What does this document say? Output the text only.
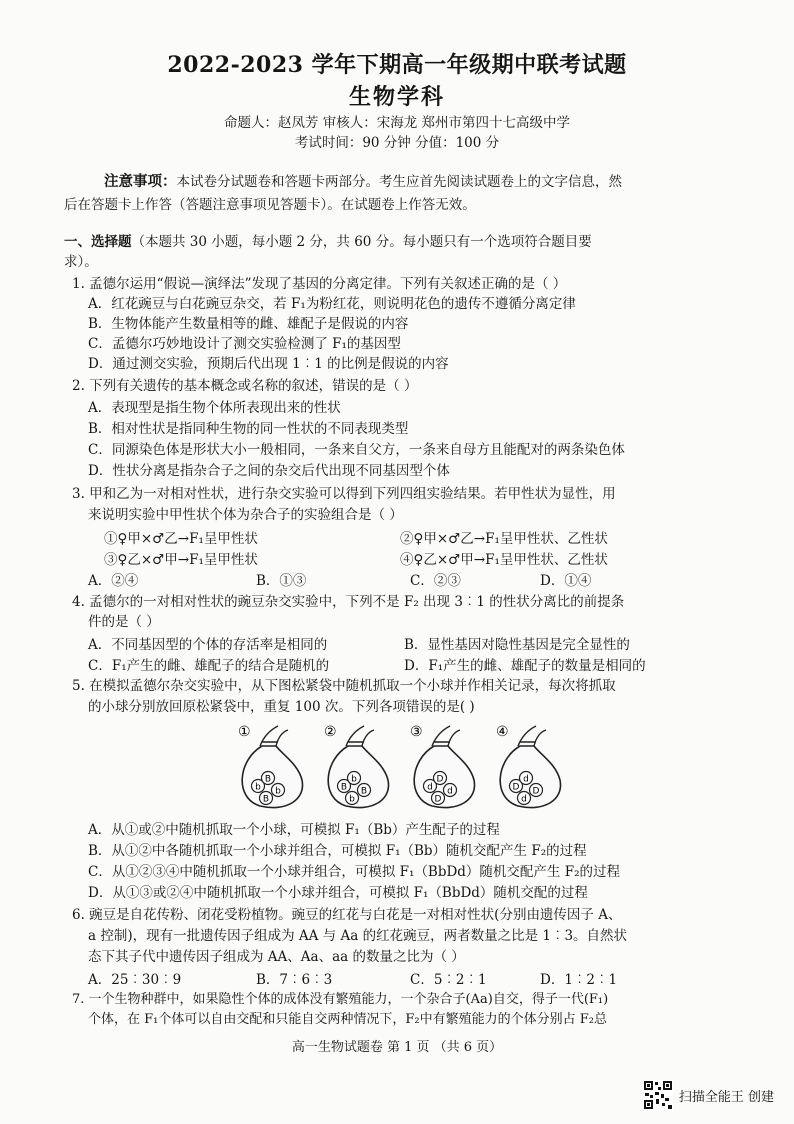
2022-2023 学年下期高一年级期中联考试题
生物学科
命题人：赵凤芳 审核人：宋海龙 郑州市第四十七高级中学
考试时间：90 分钟 分值：100 分
注意事项：本试卷分试题卷和答题卡两部分。考生应首先阅读试题卷上的文字信息，然
后在答题卡上作答（答题注意事项见答题卡）。在试题卷上作答无效。
一、选择题（本题共 30 小题，每小题 2 分，共 60 分。每小题只有一个选项符合题目要
求）。
1. 孟德尔运用“假说—演绎法”发现了基因的分离定律。下列有关叙述正确的是（ ）
A．红花豌豆与白花豌豆杂交，若 F₁为粉红花，则说明花色的遗传不遵循分离定律
B．生物体能产生数量相等的雌、雄配子是假说的内容
C．孟德尔巧妙地设计了测交实验检测了 F₁的基因型
D．通过测交实验，预期后代出现 1︰1 的比例是假说的内容
2. 下列有关遗传的基本概念或名称的叙述，错误的是（ ）
A．表现型是指生物个体所表现出来的性状
B．相对性状是指同种生物的同一性状的不同表现类型
C．同源染色体是形状大小一般相同，一条来自父方，一条来自母方且能配对的两条染色体
D．性状分离是指杂合子之间的杂交后代出现不同基因型个体
3. 甲和乙为一对相对性状，进行杂交实验可以得到下列四组实验结果。若甲性状为显性，用
来说明实验中甲性状个体为杂合子的实验组合是（ ）
①♀甲×♂乙→F₁呈甲性状	②♀甲×♂乙→F₁呈甲性状、乙性状
③♀乙×♂甲→F₁呈甲性状	④♀乙×♂甲→F₁呈甲性状、乙性状
A．②④	B．①③	C．②③	D．①④
4. 孟德尔的一对相对性状的豌豆杂交实验中，下列不是 F₂ 出现 3︰1 的性状分离比的前提条
件的是（ ）
A．不同基因型的个体的存活率是相同的	B．显性基因对隐性基因是完全显性的
C．F₁产生的雌、雄配子的结合是随机的	D．F₁产生的雌、雄配子的数量是相同的
5. 在模拟孟德尔杂交实验中，从下图松紧袋中随机抓取一个小球并作相关记录，每次将抓取
的小球分别放回原松紧袋中，重复 100 次。下列各项错误的是( )
①
b
B
b
B
②
B
b
B
b
③
d
D
d
D
④
D
d
D
d
A．从①或②中随机抓取一个小球，可模拟 F₁（Bb）产生配子的过程
B．从①②中各随机抓取一个小球并组合，可模拟 F₁（Bb）随机交配产生 F₂的过程
C．从①②③④中随机抓取一个小球并组合，可模拟 F₁（BbDd）随机交配产生 F₂的过程
D．从①③或②④中随机抓取一个小球并组合，可模拟 F₁（BbDd）随机交配的过程
6. 豌豆是自花传粉、闭花受粉植物。豌豆的红花与白花是一对相对性状(分别由遗传因子 A、
a 控制)，现有一批遗传因子组成为 AA 与 Aa 的红花豌豆，两者数量之比是 1︰3。自然状
态下其子代中遗传因子组成为 AA、Aa、aa 的数量之比为（ ）
A．25︰30︰9	B．7︰6︰3	C．5︰2︰1	D．1︰2︰1
7. 一个生物种群中，如果隐性个体的成体没有繁殖能力，一个杂合子(Aa)自交，得子一代(F₁)
个体，在 F₁个体可以自由交配和只能自交两种情况下，F₂中有繁殖能力的个体分别占 F₂总
高一生物试题卷 第 1 页 （共 6 页）
扫描全能王 创建
